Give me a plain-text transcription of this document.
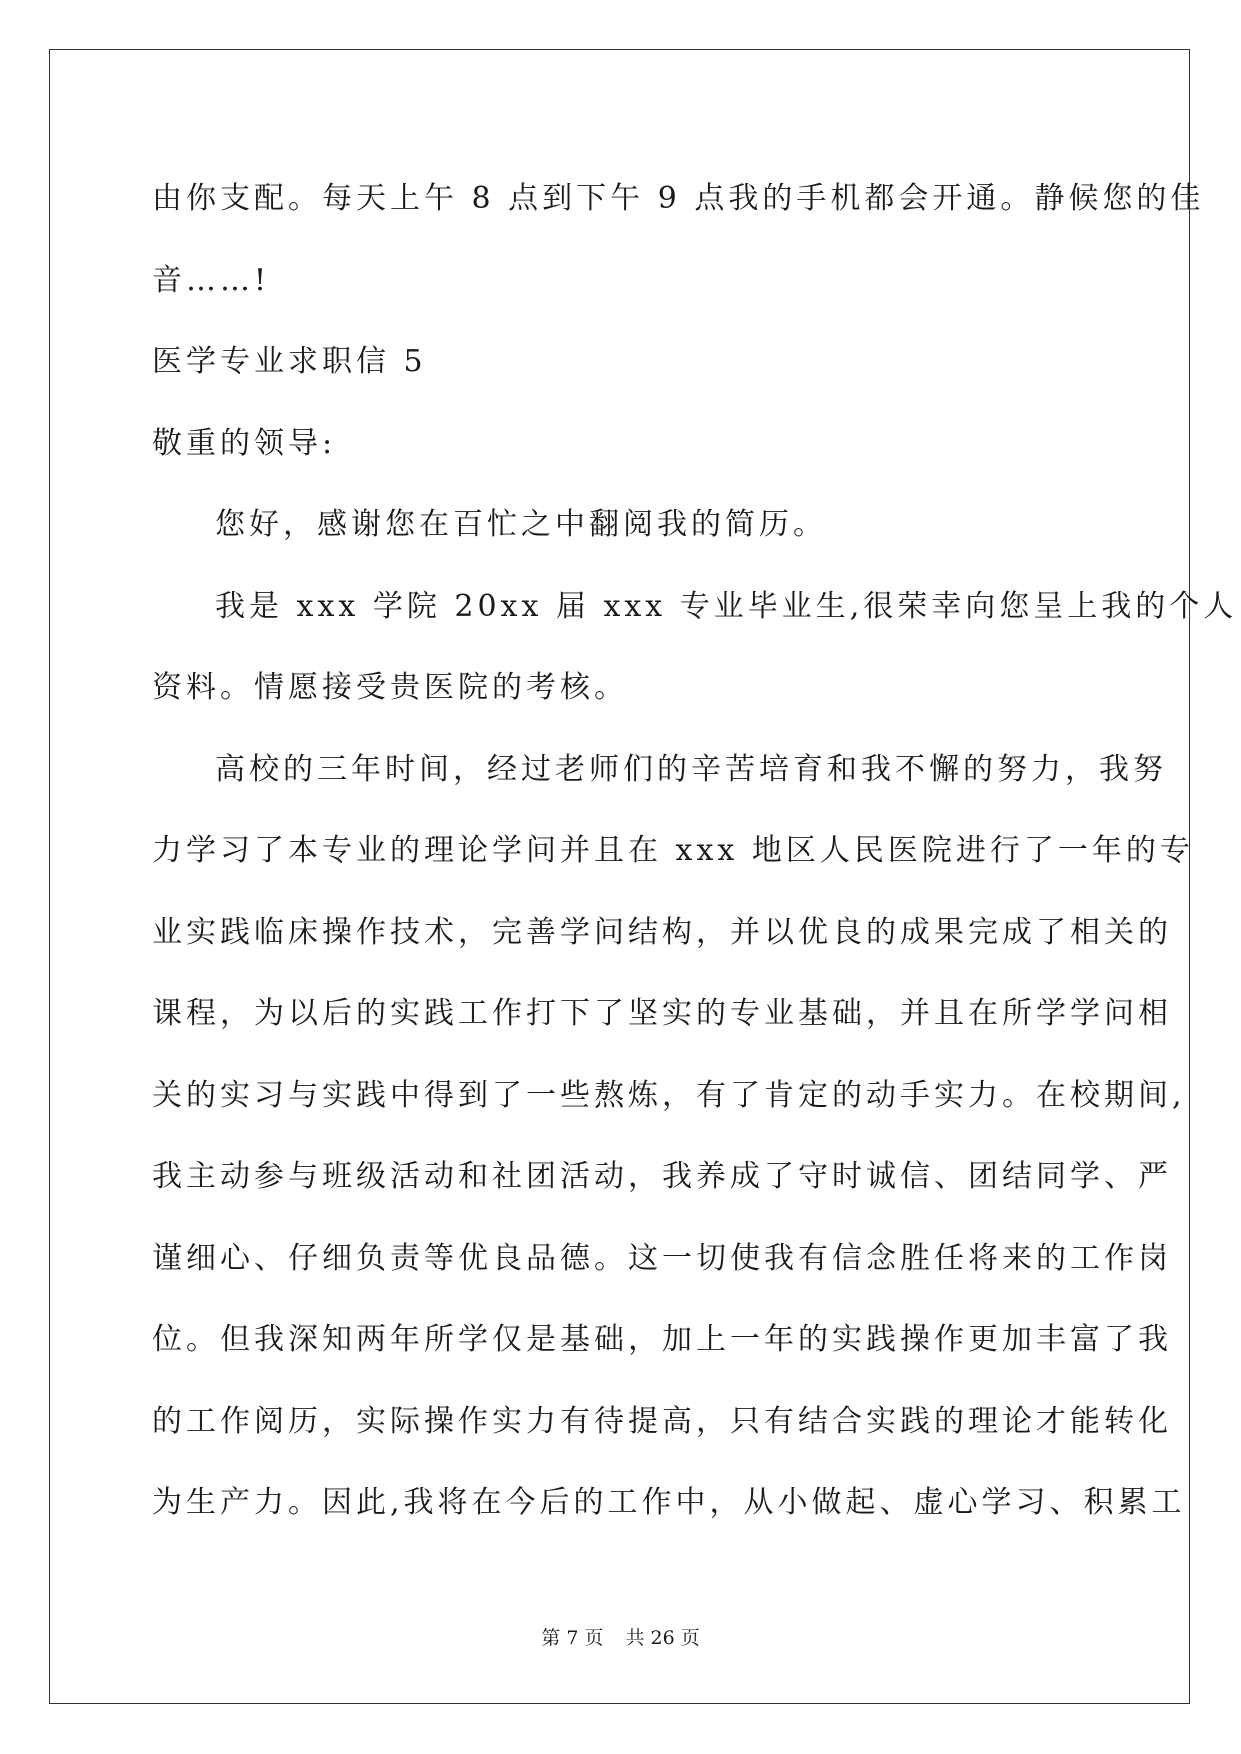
由你支配。每天上午 8 点到下午 9 点我的手机都会开通。静候您的佳

音……!

医学专业求职信 5

敬重的领导:

您好，感谢您在百忙之中翻阅我的简历。

我是 xxx 学院 20xx 届 xxx 专业毕业生,很荣幸向您呈上我的个人

资料。情愿接受贵医院的考核。

高校的三年时间，经过老师们的辛苦培育和我不懈的努力，我努

力学习了本专业的理论学问并且在 xxx 地区人民医院进行了一年的专

业实践临床操作技术，完善学问结构，并以优良的成果完成了相关的

课程，为以后的实践工作打下了坚实的专业基础，并且在所学学问相

关的实习与实践中得到了一些熬炼，有了肯定的动手实力。在校期间,

我主动参与班级活动和社团活动，我养成了守时诚信、团结同学、严

谨细心、仔细负责等优良品德。这一切使我有信念胜任将来的工作岗

位。但我深知两年所学仅是基础，加上一年的实践操作更加丰富了我

的工作阅历，实际操作实力有待提高，只有结合实践的理论才能转化

为生产力。因此,我将在今后的工作中，从小做起、虚心学习、积累工

第 7 页 共 26 页
